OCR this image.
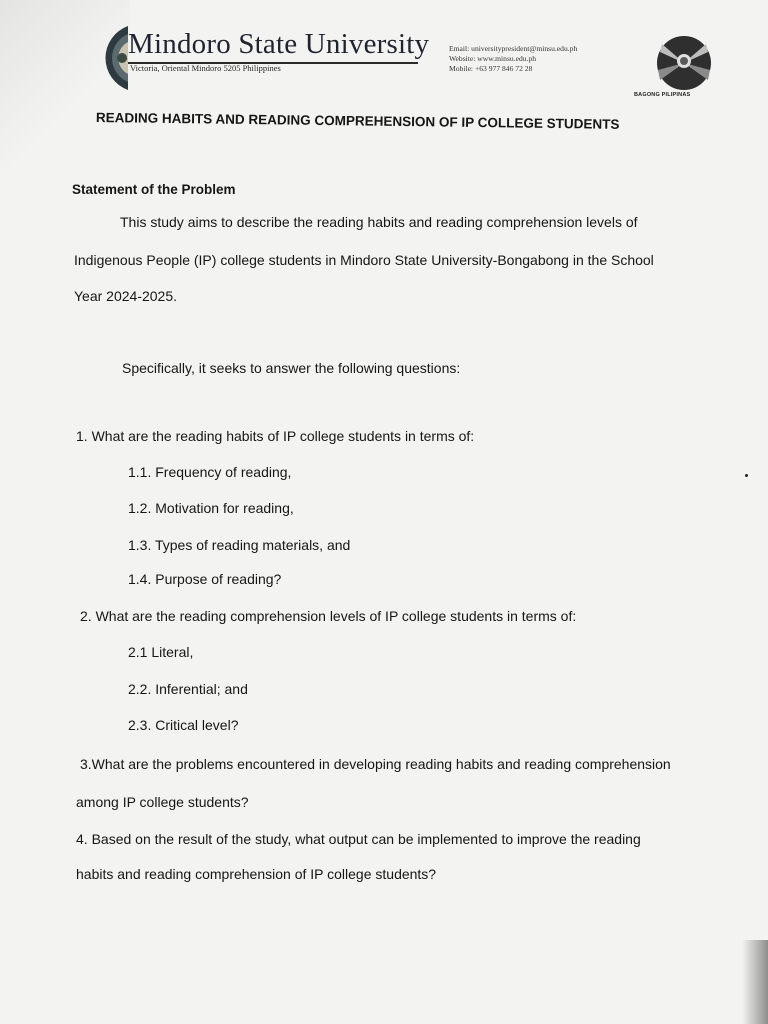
Mindoro State University
Victoria, Oriental Mindoro 5205 Philippines
Email: universitypresident@minsu.edu.ph
Website: www.minsu.edu.ph
Mobile: +63 977 846 72 28
BAGONG PILIPINAS
READING HABITS AND READING COMPREHENSION OF IP COLLEGE STUDENTS
Statement of the Problem
This study aims to describe the reading habits and reading comprehension levels of
Indigenous People (IP) college students in Mindoro State University-Bongabong in the School
Year 2024-2025.
Specifically, it seeks to answer the following questions:
1. What are the reading habits of IP college students in terms of:
1.1. Frequency of reading,
1.2. Motivation for reading,
1.3. Types of reading materials, and
1.4. Purpose of reading?
2. What are the reading comprehension levels of IP college students in terms of:
2.1 Literal,
2.2. Inferential; and
2.3. Critical level?
3.What are the problems encountered in developing reading habits and reading comprehension
among IP college students?
4. Based on the result of the study, what output can be implemented to improve the reading
habits and reading comprehension of IP college students?
